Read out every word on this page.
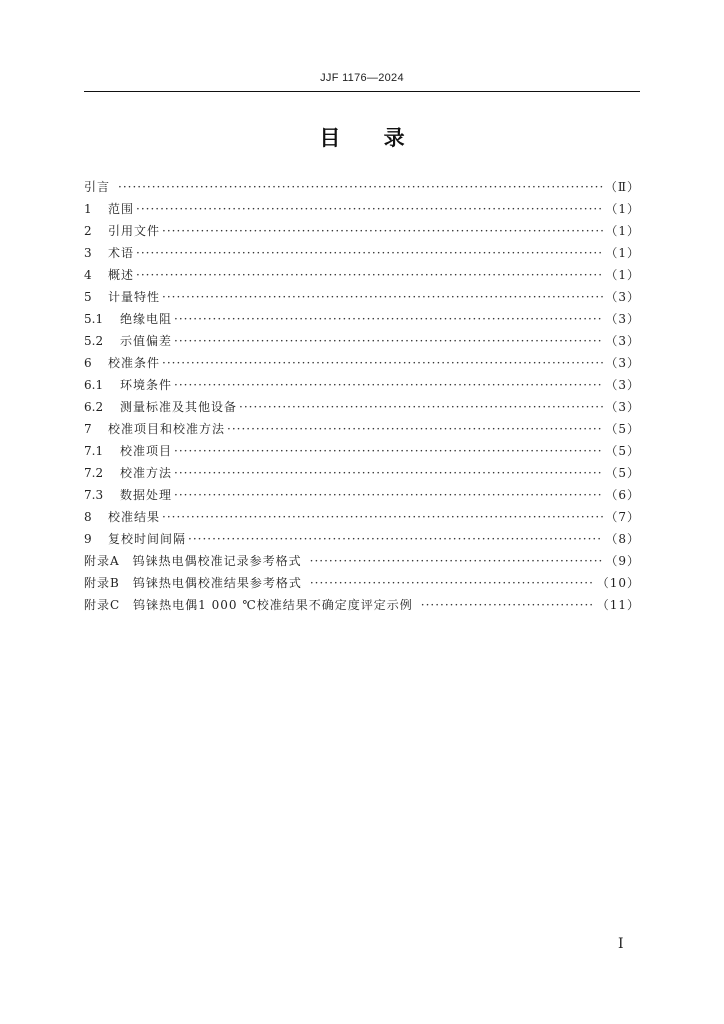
JJF 1176—2024
目 录
引言 ·····	（Ⅱ）
1	范围 ·····	（1）
2	引用文件 ·····	（1）
3	术语 ·····	（1）
4	概述 ·····	（1）
5	计量特性 ·····	（3）
5.1	绝缘电阻 ·····	（3）
5.2	示值偏差 ·····	（3）
6	校准条件 ·····	（3）
6.1	环境条件 ·····	（3）
6.2	测量标准及其他设备 ·····	（3）
7	校准项目和校准方法 ·····	（5）
7.1	校准项目 ·····	（5）
7.2	校准方法 ·····	（5）
7.3	数据处理 ·····	（6）
8	校准结果 ·····	（7）
9	复校时间间隔 ·····	（8）
附录A　钨铼热电偶校准记录参考格式 ·····	（9）
附录B　钨铼热电偶校准结果参考格式 ·····	（10）
附录C　钨铼热电偶1 000 ℃校准结果不确定度评定示例 ·····	（11）
I
